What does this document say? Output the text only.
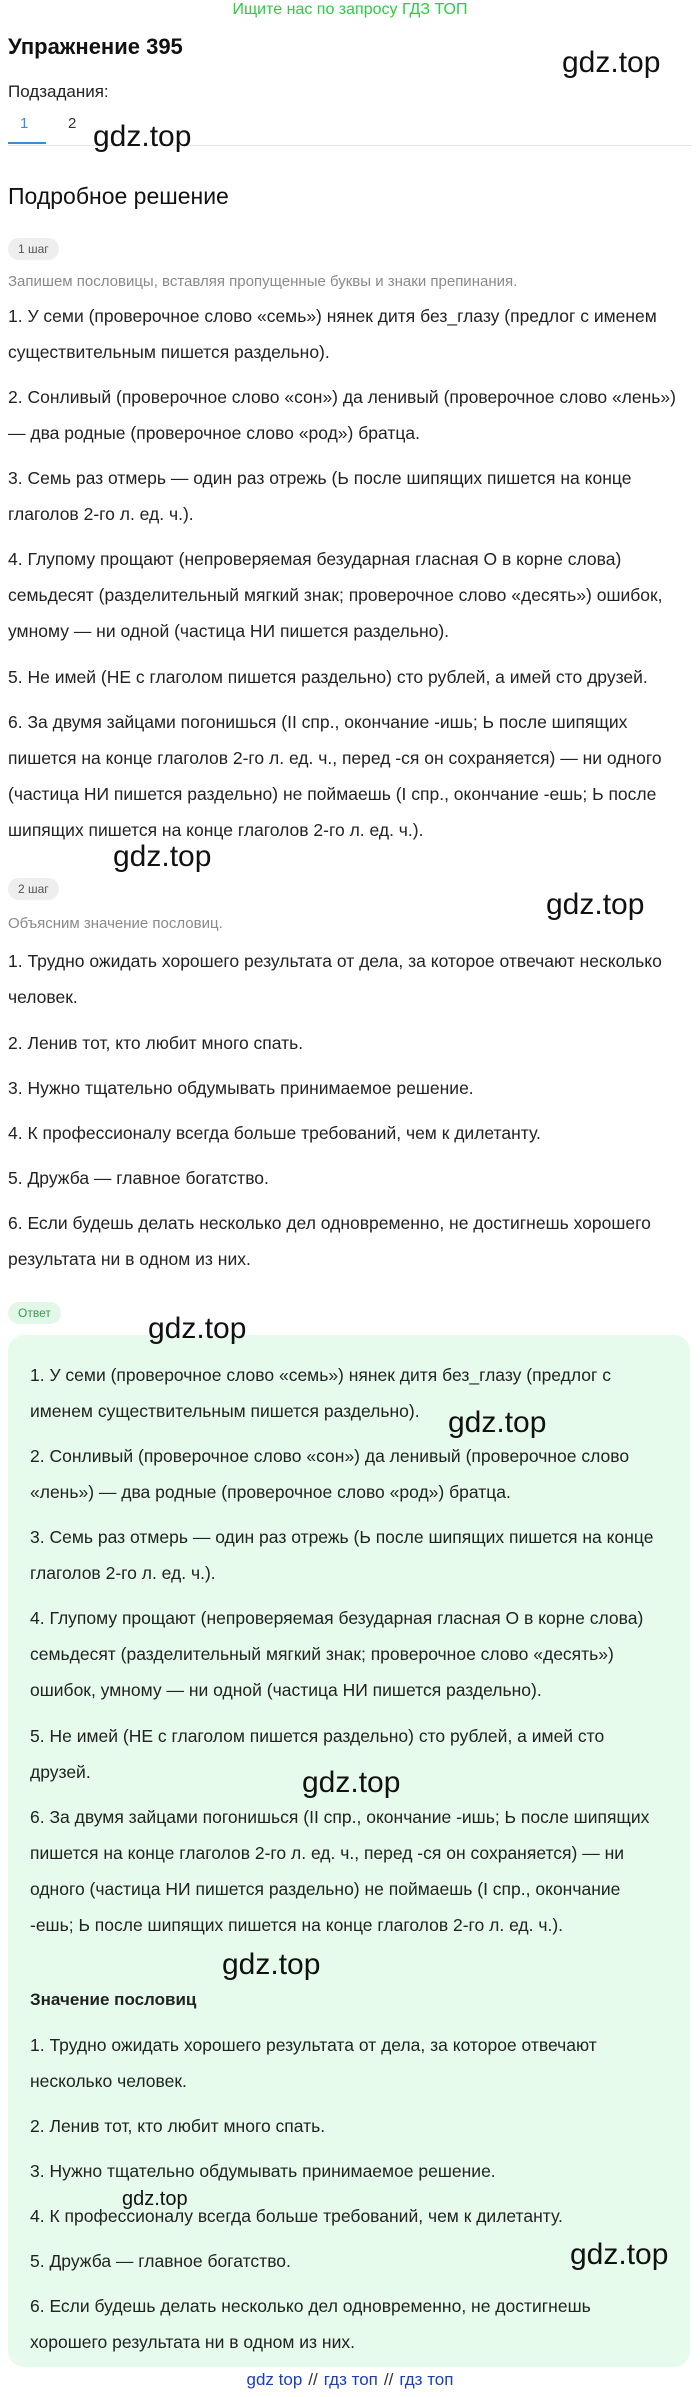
Ищите нас по запросу ГДЗ ТОП
Упражнение 395
Подзадания:
1	2
Подробное решение
1 шаг
Запишем пословицы, вставляя пропущенные буквы и знаки препинания.

1. У семи (проверочное слово «семь») нянек дитя без_глазу (предлог с именем существительным пишется раздельно).

2. Сонливый (проверочное слово «сон») да ленивый (проверочное слово «лень») — два родные (проверочное слово «род») братца.

3. Семь раз отмерь — один раз отрежь (Ь после шипящих пишется на конце глаголов 2-го л. ед. ч.).

4. Глупому прощают (непроверяемая безударная гласная О в корне слова) семьдесят (разделительный мягкий знак; проверочное слово «десять») ошибок, умному — ни одной (частица НИ пишется раздельно).

5. Не имей (НЕ с глаголом пишется раздельно) сто рублей, а имей сто друзей.

6. За двумя зайцами погонишься (II спр., окончание -ишь; Ь после шипящих пишется на конце глаголов 2-го л. ед. ч., перед -ся он сохраняется) — ни одного (частица НИ пишется раздельно) не поймаешь (I спр., окончание -ешь; Ь после шипящих пишется на конце глаголов 2-го л. ед. ч.).

2 шаг
Объясним значение пословиц.

1. Трудно ожидать хорошего результата от дела, за которое отвечают несколько человек.

2. Ленив тот, кто любит много спать.

3. Нужно тщательно обдумывать принимаемое решение.

4. К профессионалу всегда больше требований, чем к дилетанту.

5. Дружба — главное богатство.

6. Если будешь делать несколько дел одновременно, не достигнешь хорошего результата ни в одном из них.

Ответ

1. У семи (проверочное слово «семь») нянек дитя без_глазу (предлог с именем существительным пишется раздельно).

2. Сонливый (проверочное слово «сон») да ленивый (проверочное слово «лень») — два родные (проверочное слово «род») братца.

3. Семь раз отмерь — один раз отрежь (Ь после шипящих пишется на конце глаголов 2-го л. ед. ч.).

4. Глупому прощают (непроверяемая безударная гласная О в корне слова) семьдесят (разделительный мягкий знак; проверочное слово «десять») ошибок, умному — ни одной (частица НИ пишется раздельно).

5. Не имей (НЕ с глаголом пишется раздельно) сто рублей, а имей сто друзей.

6. За двумя зайцами погонишься (II спр., окончание -ишь; Ь после шипящих пишется на конце глаголов 2-го л. ед. ч., перед -ся он сохраняется) — ни одного (частица НИ пишется раздельно) не поймаешь (I спр., окончание -ешь; Ь после шипящих пишется на конце глаголов 2-го л. ед. ч.).

Значение пословиц

1. Трудно ожидать хорошего результата от дела, за которое отвечают несколько человек.

2. Ленив тот, кто любит много спать.

3. Нужно тщательно обдумывать принимаемое решение.

4. К профессионалу всегда больше требований, чем к дилетанту.

5. Дружба — главное богатство.

6. Если будешь делать несколько дел одновременно, не достигнешь хорошего результата ни в одном из них.

gdz.top
gdz.top
gdz.top
gdz.top
gdz.top
gdz.top
gdz.top
gdz.top
gdz.top
gdz.top
gdz top // гдз топ // гдз топ
